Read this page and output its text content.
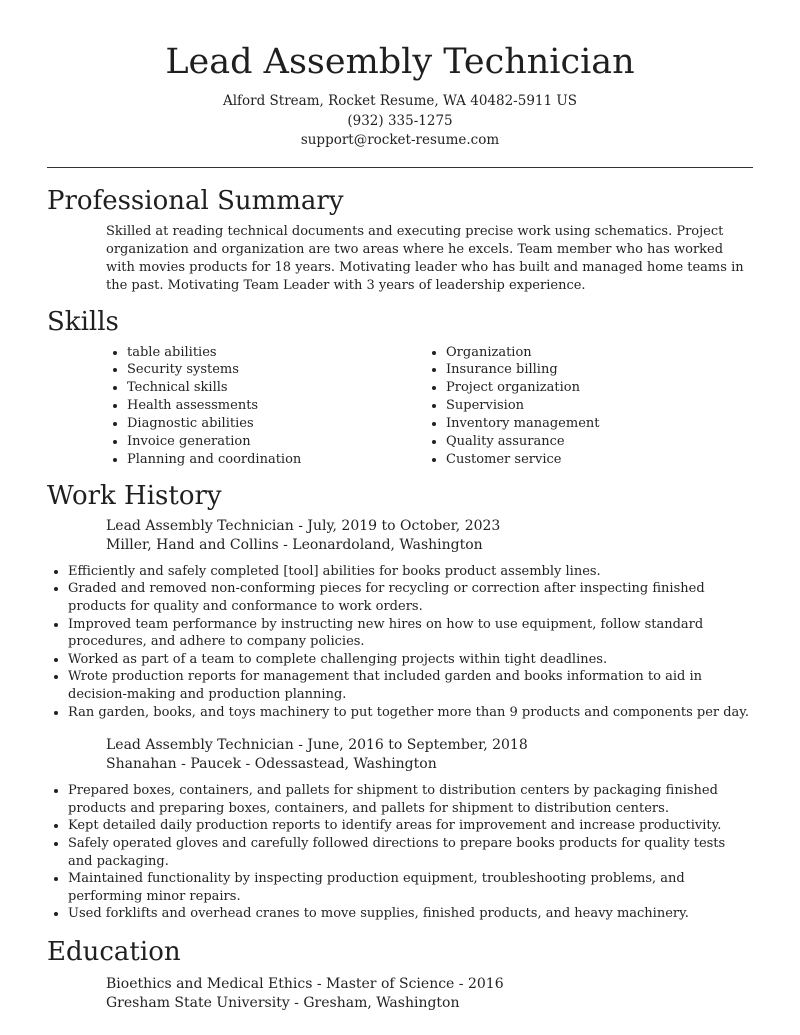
Lead Assembly Technician
Alford Stream, Rocket Resume, WA 40482-5911 US
(932) 335-1275
support@rocket-resume.com
Professional Summary

Skilled at reading technical documents and executing precise work using schematics. Project organization and organization are two areas where he excels. Team member who has worked with movies products for 18 years. Motivating leader who has built and managed home teams in the past. Motivating Team Leader with 3 years of leadership experience.

Skills
• table abilities
• Security systems
• Technical skills
• Health assessments
• Diagnostic abilities
• Invoice generation
• Planning and coordination
• Organization
• Insurance billing
• Project organization
• Supervision
• Inventory management
• Quality assurance
• Customer service
Work History
Lead Assembly Technician - July, 2019 to October, 2023
Miller, Hand and Collins - Leonardoland, Washington
• Efficiently and safely completed [tool] abilities for books product assembly lines.
• Graded and removed non-conforming pieces for recycling or correction after inspecting finished products for quality and conformance to work orders.
• Improved team performance by instructing new hires on how to use equipment, follow standard procedures, and adhere to company policies.
• Worked as part of a team to complete challenging projects within tight deadlines.
• Wrote production reports for management that included garden and books information to aid in decision-making and production planning.
• Ran garden, books, and toys machinery to put together more than 9 products and components per day.
Lead Assembly Technician - June, 2016 to September, 2018
Shanahan - Paucek - Odessastead, Washington
• Prepared boxes, containers, and pallets for shipment to distribution centers by packaging finished products and preparing boxes, containers, and pallets for shipment to distribution centers.
• Kept detailed daily production reports to identify areas for improvement and increase productivity.
• Safely operated gloves and carefully followed directions to prepare books products for quality tests and packaging.
• Maintained functionality by inspecting production equipment, troubleshooting problems, and performing minor repairs.
• Used forklifts and overhead cranes to move supplies, finished products, and heavy machinery.
Education
Bioethics and Medical Ethics - Master of Science - 2016
Gresham State University - Gresham, Washington
